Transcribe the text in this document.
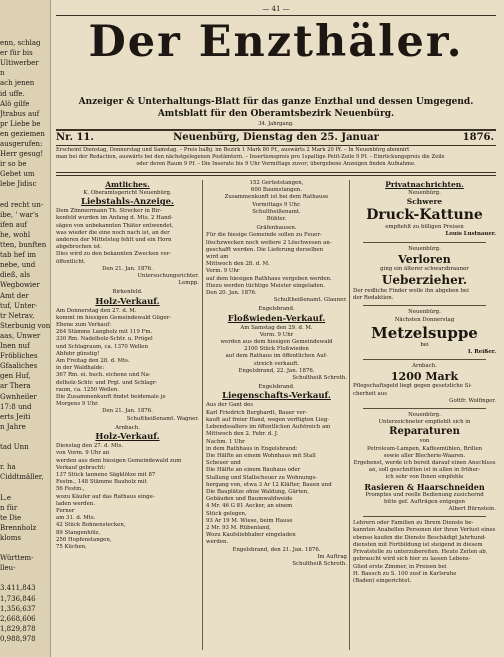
enn, schlag
er für bis
Ultiwerber
n
ach jenen
id uffe.
Alö gilfe
Jtrabus auf
pr Liebe be
en geziemen
ausgerufen:
Herr gesug!
ir so be
Gebet um
lebe Jidisc
ed recht un-
ibe, ' war's
ifen auf
he, wohl
tten, bunften
tab hef im
nebe, und
dieß, als
Wegbowier
Amt der
tuf, Unter-
tr Netrav,
Sterbunig von
aas, Unwer
Inen nuf
Fröbliches
Gfaaliches
gen Huf,
ar Thera
Gwnheiler
17:8 und
erts Jeiti
n Jahre
tad Unn
r. ha
Ciddtmäller,
L.e
n für
te Die
Brennholz
kloms
Württem-
lleu-
3.411,843
1,736,846
1,356,637
2,668,606
1,829,878
0,988,978
— 41 —
Der Enzthäler.
Anzeiger & Unterhaltungs-Blatt für das ganze Enzthal und dessen Umgegend.
Amtsblatt für den Oberamtsbezirk Neuenbürg.
34. Jahrgang.
Nr. 11.	Neuenbürg, Dienstag den 25. Januar	1876.
Erscheint Dienstag, Donnerstag und Samstag. – Preis halbj. im Bezirk 1 Mark 80 Pf., auswärts 2 Mark 20 Pf. – In Neuenbürg abonnirt
man bei der Redaction, auswärts bei den nächstgelegenen Postämtern. – Insertionspreis pro 1spaltige Petit-Zeile 9 Pf. – Einrückungspreis die Zeile
oder deren Raum 9 Pf. – Die Inserate bis 9 Uhr Vormittags zuvor; übergebene Anzeigen finden Aufnahme.
Amtliches.
K. Oberamtsgericht Neuenbürg.
Liebstahls-Anzeige.
Dem Zimmermann Th. Strecker in Bir-
kenfeld wurden im Anfang d. Mts. 2 Hand-
sägen von unbekannten Thäter entwendet,
was wieder die eine noch nach ist, an der
anderen der Mittelsteg fehlt und ein Horn
abgebrochen ist.
Dies wird zu den bekannten Zwecken ver-
öffentlicht.
Den 21. Jan. 1876.
Untersuchungsrichter.
Lempp.
Birkenfeld.
Holz-Verkauf.
Am Donnerstag den 27. d. M.
kommt im hiesigen Gemeindewald Güger-
Ebene zum Verkauf:
264 Stämme Langholz mit 119 Fm.
330 Rm. Nadelholz-Schtr. u. Prügel
und Schlagraum, ca. 1370 Wellen
Abfuhr günstig!
Am Freitag den 28. d. Mts.
in der Waldhalde:
367 Rm. ei. buch. eichene und Na-
delholz-Schtr. und Prgl. und Schlagr-
raum, ca. 1250 Wellen.
Die Zusammenkunft findet beidemale je
Morgens 9 Uhr.
Den 21. Jan. 1876.
Schultheißenamt. Wagner.
Arnbach.
Holz-Verkauf.
Dienstag den 27. d. Mts.
von Vorm. 9 Uhr an
werden aus dem hiesigen Gemeindewald zum
Verkauf gebracht:
137 Stück tannene Sägklötze mit 87
Festm., 148 Stämme Bauholz mit
56 Festm.,
wozu Käufer auf das Rathaus einge-
laden werden.
Ferner
am 31. d. Mts.
42 Stück Bohnenstecken,
89 Stangenhölz,
256 Hopfenstangen,
75 Küchen,
152 Gerüststangen,
600 Baumstangen.
Zusammenkunft ist bei dem Rathause
Vormittags 9 Uhr.
Schultheißenamt.
Bühler.
Gräfenhausen.
Für die hiesige Gemeinde sollen zu Feuer-
löschzwecken noch weitere 2 Löschwesen an-
geschafft werden. Die Lieferung derselben
wird am
Mittwoch den 28. d. M.
Vorm. 9 Uhr
auf dem hiesigen Rathhaus vergeben werden.
Hiezu werden tüchtige Meister eingeladen.
Den 20. Jan. 1876.
Schultheißenamt. Glauner.
Engelsbrand.
Floßwieden-Verkauf.
Am Samstag den 29. d. M.
Vorm. 9 Uhr
werden aus dem hiesigen Gemeindewald
2100 Stück Floßwieden
auf dem Rathaus im öffentlichen Auf-
streich verkauft.
Engelsbrand, 22. Jan. 1876.
Schultheiß Schroth.
Engelsbrand.
Liegenschafts-Verkauf.
Aus der Gant des
Karl Friedrich Burghardt, Bauer ver-
kauft auf freier Hand, wegen verfügten Lieg-
Lebendssalters im öffentlichen Aufstreich am
Mittwoch den 2. Febr. d. J.
Nachm. 1 Uhr
in dem Rathhaus in Engelsbrand:
Die Hälfte an einem Wohnhaus mit Stall
Scheuer und
Die Hälfte an einem Bauhaus oder
Stallung und Stallscheuer zu Wohnungs-
hergang von, etwa 3 Ar 12 Kläfter, Bauen und
Die Bauplätze ohne Waldung, Gärten,
Gebäuden und Baumwaldweide
4 Mr. 46 G 81 Aecker, an einem
Stück gelegen,
93 Ar 19 M. Wiese, beim Hause
2 Mr. 93 M. Rübenland,
Wozu Kaufsliebhaber eingeladen
werden.
Engelsbrand, den 21. Jan. 1876.
Im Auftrag
Schultheiß Schroth.
Privatnachrichten.
Neuenbürg.
Schwere
Druck-Kattune
empfiehlt zu billigen Preisen
Louis Lustnauer.
Neuenbürg.
Verloren
ging ein älterer schwarzbrauner
Ueberzieher.
Der redliche Finder wolle ihn abgeben bei
der Redaktion.
Neuenbürg.
Nächsten Donnerstag
Metzelsuppe
bei
I. Reißer.
Arnbach.
1200 Mark
Pflegschaftsgeld liegt gegen gesetzliche Si-
cherheit aus
Gottfr. Wolfinger.
Neuenbürg.
Unterzeichneter empfiehlt sich in
Reparaturen
von
Petroleum-Lampen, Kaffeemühlen, Brillen
sowie aller Blecherie-Waaren.
Ergebenst, werde ich bereit darauf einen Anschluss
an, soll geschnitten ist in allen in früher-
ich sehr von Ihnen empfehle
Rasieren & Haarschneiden
Promptes und reelle Bedienung zusichernd
bitte gef. Aufträgen entgegen
Albert Bürnstein.
Lehrern oder Familien zu Ihrem Dienste be-
kannten Anabellen Personen der ihren Verlust eines
ebenso kaufen die Dienste Beschädigt Jahrhund-
diensten mit Fortbildung ist steigend in diesem
Privatstelle zu unterzubereiten. Heute Zeiten ab,
gebraucht wird sich hier zu lassen Lebens-
Glied erste Zimmer, in Preisen bei
H. Bausch zu S. 100 zusf in Karlsruhe
(Baden) eingerichtet.
